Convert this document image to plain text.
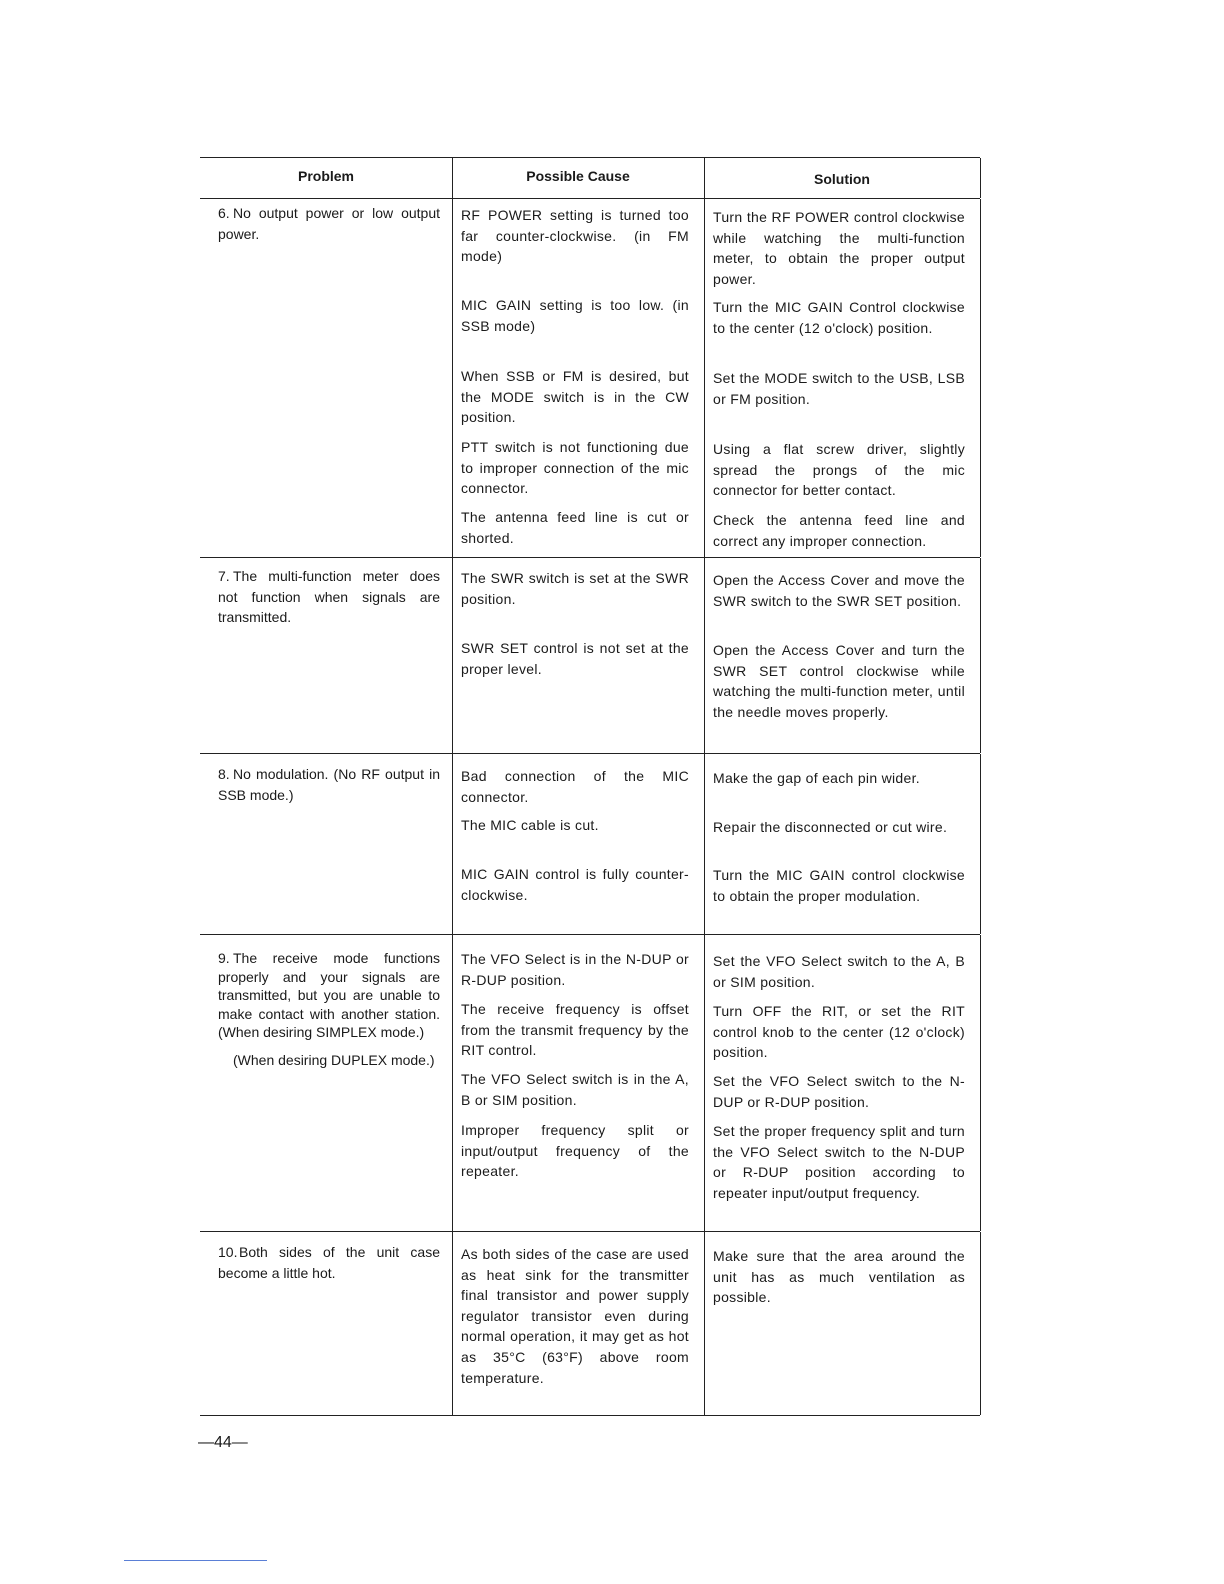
Problem	Possible Cause	Solution
6. No output power or low output power.
RF POWER setting is turned too far counter-clockwise. (in FM mode)
MIC GAIN setting is too low. (in SSB mode)
When SSB or FM is desired, but the MODE switch is in the CW position.
PTT switch is not functioning due to improper connection of the mic connector.
The antenna feed line is cut or shorted.
Turn the RF POWER control clockwise while watching the multi-function meter, to obtain the proper output power.
Turn the MIC GAIN Control clockwise to the center (12 o'clock) position.
Set the MODE switch to the USB, LSB or FM position.
Using a flat screw driver, slightly spread the prongs of the mic connector for better contact.
Check the antenna feed line and correct any improper connection.
7. The multi-function meter does not function when signals are transmitted.
The SWR switch is set at the SWR position.
SWR SET control is not set at the proper level.
Open the Access Cover and move the SWR switch to the SWR SET position.
Open the Access Cover and turn the SWR SET control clockwise while watching the multi-function meter, until the needle moves properly.
8. No modulation. (No RF output in SSB mode.)
Bad connection of the MIC connector.
The MIC cable is cut.
MIC GAIN control is fully counter-clockwise.
Make the gap of each pin wider.
Repair the disconnected or cut wire.
Turn the MIC GAIN control clockwise to obtain the proper modulation.
9. The receive mode functions properly and your signals are transmitted, but you are unable to make contact with another station. (When desiring SIMPLEX mode.)
(When desiring DUPLEX mode.)
The VFO Select is in the N-DUP or R-DUP position.
The receive frequency is offset from the transmit frequency by the RIT control.
The VFO Select switch is in the A, B or SIM position.
Improper frequency split or input/output frequency of the repeater.
Set the VFO Select switch to the A, B or SIM position.
Turn OFF the RIT, or set the RIT control knob to the center (12 o'clock) position.
Set the VFO Select switch to the N-DUP or R-DUP position.
Set the proper frequency split and turn the VFO Select switch to the N-DUP or R-DUP position according to repeater input/output frequency.
10. Both sides of the unit case become a little hot.
As both sides of the case are used as heat sink for the transmitter final transistor and power supply regulator transistor even during normal operation, it may get as hot as 35°C (63°F) above room temperature.
Make sure that the area around the unit has as much ventilation as possible.
—44—
